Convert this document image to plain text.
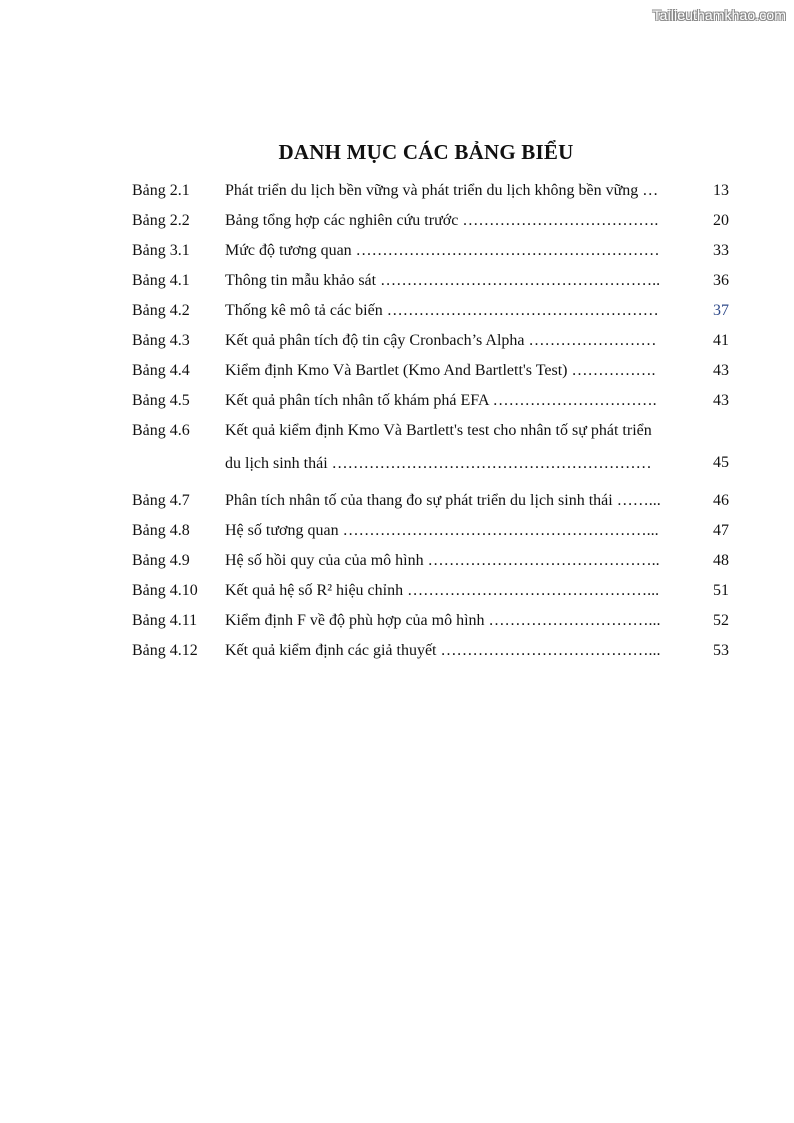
Tailieuthamkhao.com
DANH MỤC CÁC BẢNG BIỂU
Bảng 2.1	Phát triển du lịch bền vững và phát triển du lịch không bền vững …	13
Bảng 2.2	Bảng tổng hợp các nghiên cứu trước ……………………………….	20
Bảng 3.1	Mức độ tương quan …………………………………………………	33
Bảng 4.1	Thông tin mẫu khảo sát ……………………………………………..	36
Bảng 4.2	Thống kê mô tả các biến ……………………………………………	37
Bảng 4.3	Kết quả phân tích độ tin cậy Cronbach’s Alpha ……………………	41
Bảng 4.4	Kiểm định Kmo Và Bartlet (Kmo And Bartlett's Test) …………….	43
Bảng 4.5	Kết quả phân tích nhân tố khám phá EFA ………………………….	43
Bảng 4.6	Kết quả kiểm định Kmo Và Bartlett's test cho nhân tố sự phát triển
du lịch sinh thái ……………………………………………………	45
Bảng 4.7	Phân tích nhân tố của thang đo sự phát triển du lịch sinh thái ……...	46
Bảng 4.8	Hệ số tương quan …………………………………………………...	47
Bảng 4.9	Hệ số hồi quy của của mô hình ……………………………………..	48
Bảng 4.10	Kết quả hệ số R² hiệu chỉnh ………………………………………...	51
Bảng 4.11	Kiểm định F về độ phù hợp của mô hình …………………………...	52
Bảng 4.12	Kết quả kiểm định các giả thuyết …………………………………...	53
